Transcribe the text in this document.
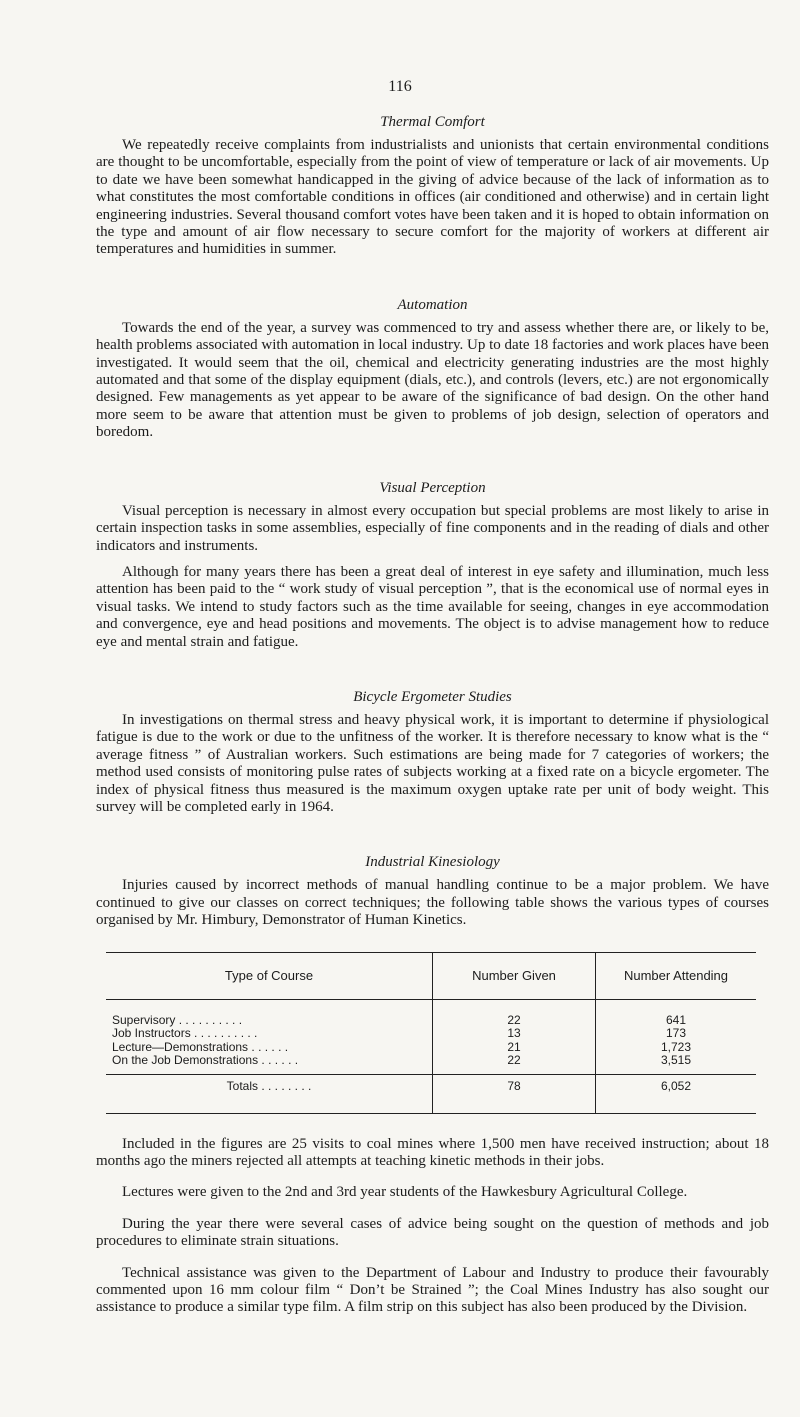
116
Thermal Comfort

We repeatedly receive complaints from industrialists and unionists that certain environmental conditions are thought to be uncomfortable, especially from the point of view of temperature or lack of air movements. Up to date we have been somewhat handicapped in the giving of advice because of the lack of information as to what constitutes the most comfortable conditions in offices (air conditioned and otherwise) and in certain light engineering industries. Several thousand comfort votes have been taken and it is hoped to obtain information on the type and amount of air flow necessary to secure comfort for the majority of workers at different air temperatures and humidities in summer.

Automation

Towards the end of the year, a survey was commenced to try and assess whether there are, or likely to be, health problems associated with automation in local industry. Up to date 18 factories and work places have been investigated. It would seem that the oil, chemical and electricity generating industries are the most highly automated and that some of the display equipment (dials, etc.), and controls (levers, etc.) are not ergonomically designed. Few managements as yet appear to be aware of the significance of bad design. On the other hand more seem to be aware that attention must be given to problems of job design, selection of operators and boredom.

Visual Perception

Visual perception is necessary in almost every occupation but special problems are most likely to arise in certain inspection tasks in some assemblies, especially of fine components and in the reading of dials and other indicators and instruments.

Although for many years there has been a great deal of interest in eye safety and illumination, much less attention has been paid to the “ work study of visual perception ”, that is the economical use of normal eyes in visual tasks. We intend to study factors such as the time available for seeing, changes in eye accommodation and convergence, eye and head positions and movements. The object is to advise management how to reduce eye and mental strain and fatigue.

Bicycle Ergometer Studies

In investigations on thermal stress and heavy physical work, it is important to determine if physiological fatigue is due to the work or due to the unfitness of the worker. It is therefore necessary to know what is the “ average fitness ” of Australian workers. Such estimations are being made for 7 categories of workers; the method used consists of monitoring pulse rates of subjects working at a fixed rate on a bicycle ergometer. The index of physical fitness thus measured is the maximum oxygen uptake rate per unit of body weight. This survey will be completed early in 1964.

Industrial Kinesiology

Injuries caused by incorrect methods of manual handling continue to be a major problem. We have continued to give our classes on correct techniques; the following table shows the various types of courses organised by Mr. Himbury, Demonstrator of Human Kinetics.

Type of Course	Number Given	Number Attending
Supervisory . . . . . . . . . .	22	641
Job Instructors . . . . . . . . . .	13	173
Lecture—Demonstrations . . . . . .	21	1,723
On the Job Demonstrations . . . . . .	22	3,515
Totals . . . . . . . .	78	6,052

Included in the figures are 25 visits to coal mines where 1,500 men have received instruction; about 18 months ago the miners rejected all attempts at teaching kinetic methods in their jobs.

Lectures were given to the 2nd and 3rd year students of the Hawkesbury Agricultural College.

During the year there were several cases of advice being sought on the question of methods and job procedures to eliminate strain situations.

Technical assistance was given to the Department of Labour and Industry to produce their favourably commented upon 16 mm colour film “ Don’t be Strained ”; the Coal Mines Industry has also sought our assistance to produce a similar type film. A film strip on this subject has also been produced by the Division.
